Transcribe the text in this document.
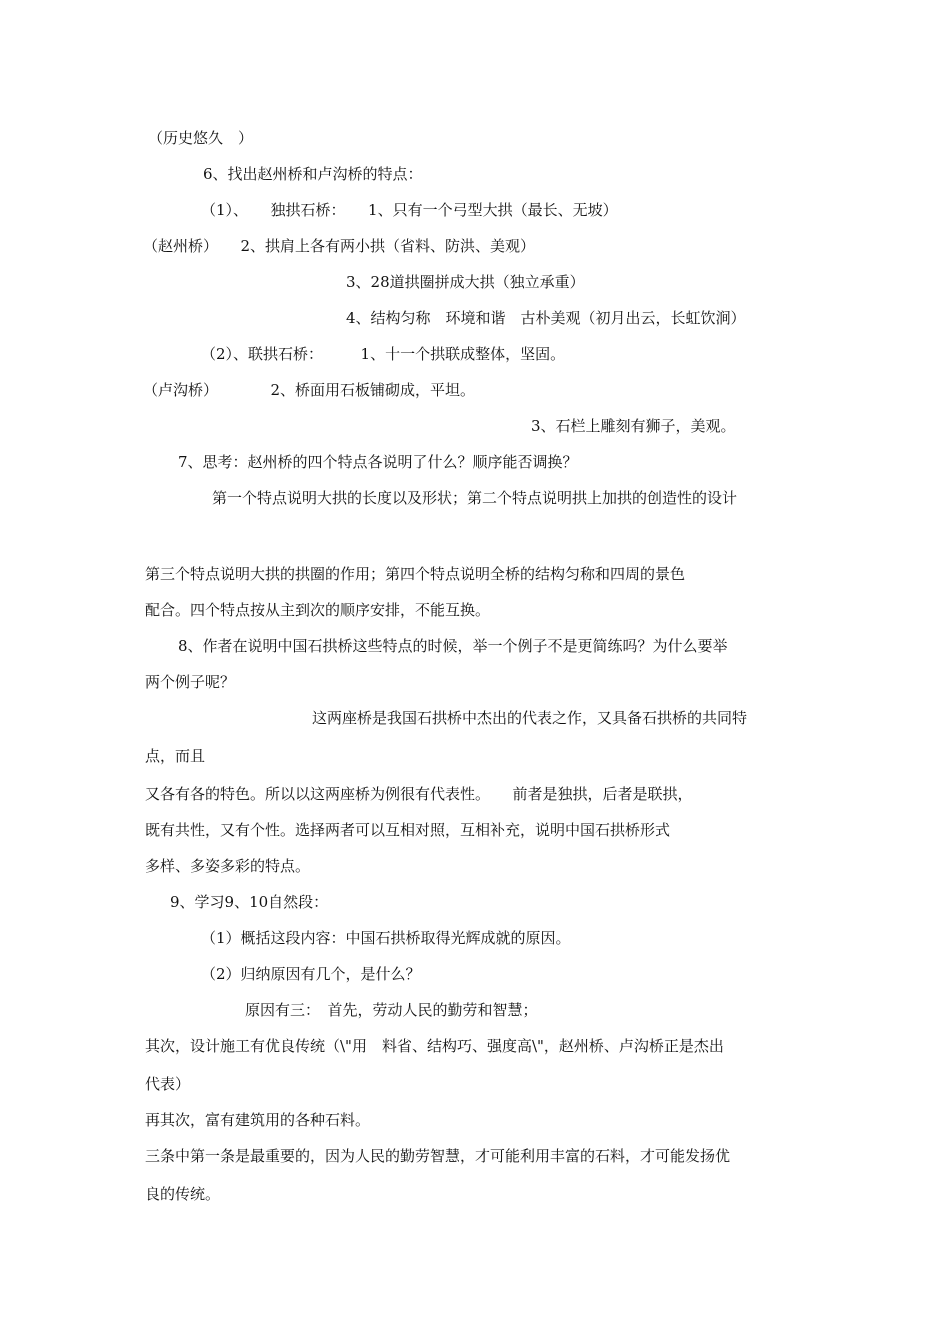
（历史悠久　）
6、找出赵州桥和卢沟桥的特点：
（1）、　　独拱石桥：　　1、只有一个弓型大拱（最长、无坡）
（赵州桥）　　2、拱肩上各有两小拱（省料、防洪、美观）
3、28道拱圈拼成大拱（独立承重）
4、结构匀称　环境和谐　古朴美观（初月出云，长虹饮涧）
（2）、联拱石桥：　　　1、十一个拱联成整体，坚固。
（卢沟桥）　　　　2、桥面用石板铺砌成，平坦。
3、石栏上雕刻有狮子，美观。
7、思考：赵州桥的四个特点各说明了什么？顺序能否调换？
第一个特点说明大拱的长度以及形状；第二个特点说明拱上加拱的创造性的设计
第三个特点说明大拱的拱圈的作用；第四个特点说明全桥的结构匀称和四周的景色
配合。四个特点按从主到次的顺序安排，不能互换。
8、作者在说明中国石拱桥这些特点的时候，举一个例子不是更简练吗？为什么要举
两个例子呢？
这两座桥是我国石拱桥中杰出的代表之作，又具备石拱桥的共同特
点，而且
又各有各的特色。所以以这两座桥为例很有代表性。　　前者是独拱，后者是联拱，
既有共性，又有个性。选择两者可以互相对照，互相补充，说明中国石拱桥形式
多样、多姿多彩的特点。
9、学习9、10自然段：
（1）概括这段内容：中国石拱桥取得光辉成就的原因。
（2）归纳原因有几个，是什么？
原因有三：　首先，劳动人民的勤劳和智慧；
其次，设计施工有优良传统（\"用　料省、结构巧、强度高\"，赵州桥、卢沟桥正是杰出
代表）
再其次，富有建筑用的各种石料。
三条中第一条是最重要的，因为人民的勤劳智慧，才可能利用丰富的石料，才可能发扬优
良的传统。
